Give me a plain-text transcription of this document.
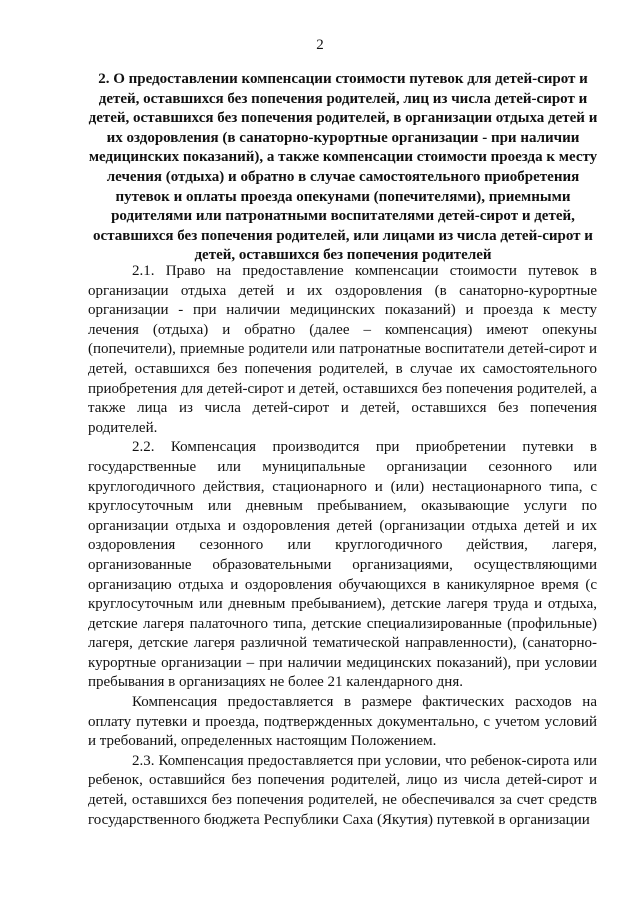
2
2. О предоставлении компенсации стоимости путевок для детей-сирот и детей, оставшихся без попечения родителей, лиц из числа детей-сирот и детей, оставшихся без попечения родителей, в организации отдыха детей и их оздоровления (в санаторно-курортные организации - при наличии медицинских показаний), а также компенсации стоимости проезда к месту лечения (отдыха) и обратно в случае самостоятельного приобретения путевок и оплаты проезда опекунами (попечителями), приемными родителями или патронатными воспитателями детей-сирот и детей, оставшихся без попечения родителей, или лицами из числа детей-сирот и детей, оставшихся без попечения родителей

2.1. Право на предоставление компенсации стоимости путевок в организации отдыха детей и их оздоровления (в санаторно-курортные организации - при наличии медицинских показаний) и проезда к месту лечения (отдыха) и обратно (далее – компенсация) имеют опекуны (попечители), приемные родители или патронатные воспитатели детей-сирот и детей, оставшихся без попечения родителей, в случае их самостоятельного приобретения для детей-сирот и детей, оставшихся без попечения родителей, а также лица из числа детей-сирот и детей, оставшихся без попечения родителей.

2.2. Компенсация производится при приобретении путевки в государственные или муниципальные организации сезонного или круглогодичного действия, стационарного и (или) нестационарного типа, с круглосуточным или дневным пребыванием, оказывающие услуги по организации отдыха и оздоровления детей (организации отдыха детей и их оздоровления сезонного или круглогодичного действия, лагеря, организованные образовательными организациями, осуществляющими организацию отдыха и оздоровления обучающихся в каникулярное время (с круглосуточным или дневным пребыванием), детские лагеря труда и отдыха, детские лагеря палаточного типа, детские специализированные (профильные) лагеря, детские лагеря различной тематической направленности), (санаторно-курортные организации – при наличии медицинских показаний), при условии пребывания в организациях не более 21 календарного дня.

Компенсация предоставляется в размере фактических расходов на оплату путевки и проезда, подтвержденных документально, с учетом условий и требований, определенных настоящим Положением.

2.3. Компенсация предоставляется при условии, что ребенок-сирота или ребенок, оставшийся без попечения родителей, лицо из числа детей-сирот и детей, оставшихся без попечения родителей, не обеспечивался за счет средств государственного бюджета Республики Саха (Якутия) путевкой в организации
